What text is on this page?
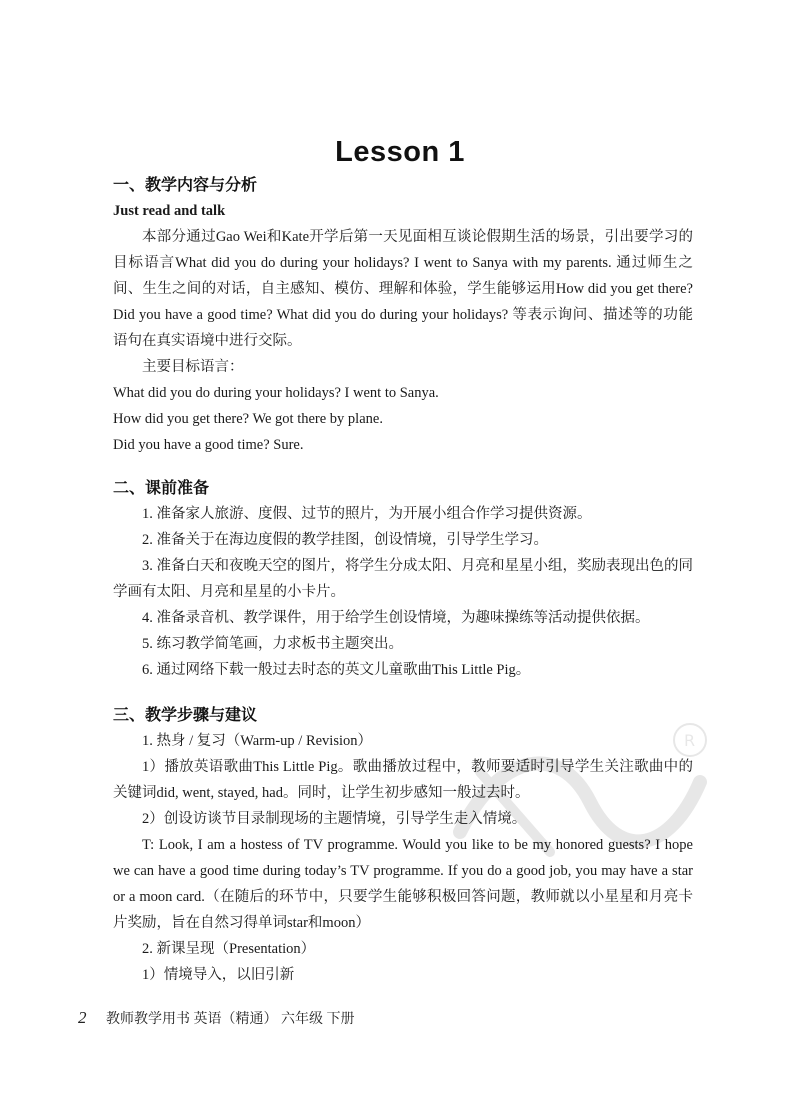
Lesson 1
一、教学内容与分析
Just read and talk
本部分通过Gao Wei和Kate开学后第一天见面相互谈论假期生活的场景，引出要学习的目标语言What did you do during your holidays? I went to Sanya with my parents. 通过师生之间、生生之间的对话，自主感知、模仿、理解和体验，学生能够运用How did you get there? Did you have a good time? What did you do during your holidays? 等表示询问、描述等的功能语句在真实语境中进行交际。
主要目标语言：
What did you do during your holidays? I went to Sanya.
How did you get there? We got there by plane.
Did you have a good time? Sure.
二、课前准备
1. 准备家人旅游、度假、过节的照片，为开展小组合作学习提供资源。
2. 准备关于在海边度假的教学挂图，创设情境，引导学生学习。
3. 准备白天和夜晚天空的图片，将学生分成太阳、月亮和星星小组，奖励表现出色的同学画有太阳、月亮和星星的小卡片。
4. 准备录音机、教学课件，用于给学生创设情境，为趣味操练等活动提供依据。
5. 练习教学简笔画，力求板书主题突出。
6. 通过网络下载一般过去时态的英文儿童歌曲This Little Pig。
三、教学步骤与建议
1. 热身 / 复习（Warm-up / Revision）
1）播放英语歌曲This Little Pig。歌曲播放过程中，教师要适时引导学生关注歌曲中的关键词did, went, stayed, had。同时，让学生初步感知一般过去时。
2）创设访谈节目录制现场的主题情境，引导学生走入情境。
T: Look, I am a hostess of TV programme. Would you like to be my honored guests? I hope we can have a good time during today’s TV programme. If you do a good job, you may have a star or a moon card.（在随后的环节中，只要学生能够积极回答问题，教师就以小星星和月亮卡片奖励，旨在自然习得单词star和moon）
2. 新课呈现（Presentation）
1）情境导入，以旧引新
R
2 教师教学用书 英语（精通） 六年级 下册
